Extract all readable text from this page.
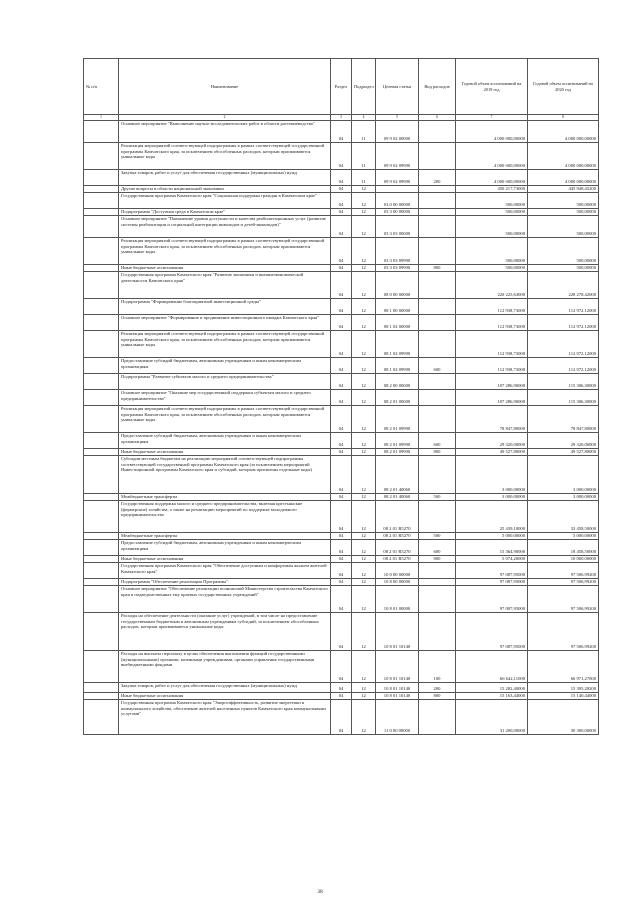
№ п/п	Наименование	Раздел	Подраздел	Целевая статья	Вид расходов	Годовой объем ассигнований на 2019 год	Годовой объем ассигнований на 2020 год
1	2	3	4	5	6	7	8
	Основное мероприятие "Выполнение научно-исследовательских работ в области растениеводства"	04	11	09 9 02 00000		4 000 000,00000	4 000 000,00000
	Реализация мероприятий соответствующей подпрограммы в рамках соответствующей государственной программы Камчатского края, за исключением обособленных расходов, которым присваиваются уникальные коды	04	11	09 9 02 09990		4 000 000,00000	4 000 000,00000
	Закупка товаров, работ и услуг для обеспечения государственных (муниципальных) нужд	04	11	09 9 02 09990	200	4 000 000,00000	4 000 000,00000
	Другие вопросы в области национальной экономики	04	12			450 217,73000	445 948,45200
	Государственная программа Камчатского края "Социальная поддержка граждан в Камчатском крае"	04	12	03 0 00 00000		500,00000	500,00000
	Подпрограмма "Доступная среда в Камчатском крае"	04	12	03 3 00 00000		500,00000	500,00000
	Основное мероприятие "Повышение уровня доступности и качества реабилитационных услуг (развитие системы реабилитации и социальной интеграции инвалидов и детей-инвалидов)"	04	12	03 3 03 00000		500,00000	500,00000
	Реализация мероприятий соответствующей подпрограммы в рамках соответствующей государственной программы Камчатского края, за исключением обособленных расходов, которым присваиваются уникальные коды	04	12	03 3 03 09990		500,00000	500,00000
	Иные бюджетные ассигнования	04	12	03 3 03 09990	800	500,00000	500,00000
	Государственная программа Камчатского края "Развитие экономики и внешнеэкономической деятельности Камчатского края"	04	12	08 0 00 00000		220 225,63000	228 278,42000
	Подпрограмма "Формирование благоприятной инвестиционной среды"	04	12	08 1 00 00000		112 938,73000	112 972,12000
	Основное мероприятие "Формирование и продвижение инвестиционного имиджа Камчатского края"	04	12	08 1 02 00000		112 938,73000	112 972,12000
	Реализация мероприятий соответствующей подпрограммы в рамках соответствующей государственной программы Камчатского края, за исключением обособленных расходов, которым присваиваются уникальные коды	04	12	08 1 02 09990		112 938,73000	112 972,12000
	Предоставление субсидий бюджетным, автономным учреждениям и иным некоммерческим организациям	04	12	08 1 02 09990	600	112 938,73000	112 972,12000
	Подпрограмма "Развитие субъектов малого и среднего предпринимательства"	04	12	08 2 00 00000		107 286,90000	115 306,30000
	Основное мероприятие "Оказание мер государственной поддержки субъектам малого и среднего предпринимательства"	04	12	08 2 01 00000		107 286,90000	115 306,30000
	Реализация мероприятий соответствующей подпрограммы в рамках соответствующей государственной программы Камчатского края, за исключением обособленных расходов, которым присваиваются уникальные коды	04	12	08 2 01 09990		78 847,80000	78 847,80000
	Предоставление субсидий бюджетным, автономным учреждениям и иным некоммерческим организациям	04	12	08 2 01 09990	600	29 320,00000	29 320,00000
	Иные бюджетные ассигнования	04	12	08 2 01 09990	800	49 527,80000	49 527,80000
	Субсидии местным бюджетам на реализацию мероприятий соответствующей подпрограммы соответствующей государственной программы Камчатского края (за исключением мероприятий Инвестиционной программы Камчатского края и субсидий, которым присвоены отдельные коды)	04	12	08 2 01 40060		3 000,00000	3 000,00000
	Межбюджетные трансферты	04	12	08 2 01 40060	500	3 000,00000	3 000,00000
	Государственная поддержка малого и среднего предпринимательства, включая крестьянские (фермерские) хозяйства, а также на реализацию мероприятий по поддержке молодежного предпринимательства	04	12	08 2 01 R5270		25 439,10000	33 458,50000
	Межбюджетные трансферты	04	12	08 2 01 R5270	500	5 000,00000	5 000,00000
	Предоставление субсидий бюджетным, автономным учреждениям и иным некоммерческим организациям	04	12	08 2 01 R5270	600	15 364,90000	18 458,50000
	Иные бюджетные ассигнования	04	12	08 2 01 R5270	800	5 074,20000	10 000,00000
	Государственная программа Камчатского края "Обеспечение доступным и комфортным жильем жителей Камчатского края"	04	12	10 0 00 00000		97 087,95000	97 506,99200
	Подпрограмма "Обеспечение реализации Программы"	04	12	10 8 00 00000		97 087,95000	97 506,99200
	Основное мероприятие "Обеспечение реализации полномочий Министерства строительства Камчатского края и подведомственных ему краевых государственных учреждений"	04	12	10 8 01 00000		97 087,95000	97 506,99200
	Расходы на обеспечение деятельности (оказание услуг) учреждений, в том числе на предоставление государственным бюджетным и автономным учреждениям субсидий, за исключением обособленных расходов, которым присваиваются уникальные коды	04	12	10 8 01 10140		97 087,95000	97 506,99200
	Расходы на выплаты персоналу в целях обеспечения выполнения функций государственными (муниципальными) органами, казенными учреждениями, органами управления государственными внебюджетными фондами	04	12	10 8 01 10140	100	66 642,11000	66 971,27000
	Закупка товаров, работ и услуг для обеспечения государственных (муниципальных) нужд	04	12	10 8 01 10140	200	15 282,40000	15 395,28200
	Иные бюджетные ассигнования	04	12	10 8 01 10140	800	15 163,44000	15 140,44000
	Государственная программа Камчатского края "Энергоэффективность, развитие энергетики и коммунального хозяйства, обеспечение жителей населенных пунктов Камчатского края коммунальными услугами"	04	12	11 0 00 00000		31 200,00000	30 300,00000
38
